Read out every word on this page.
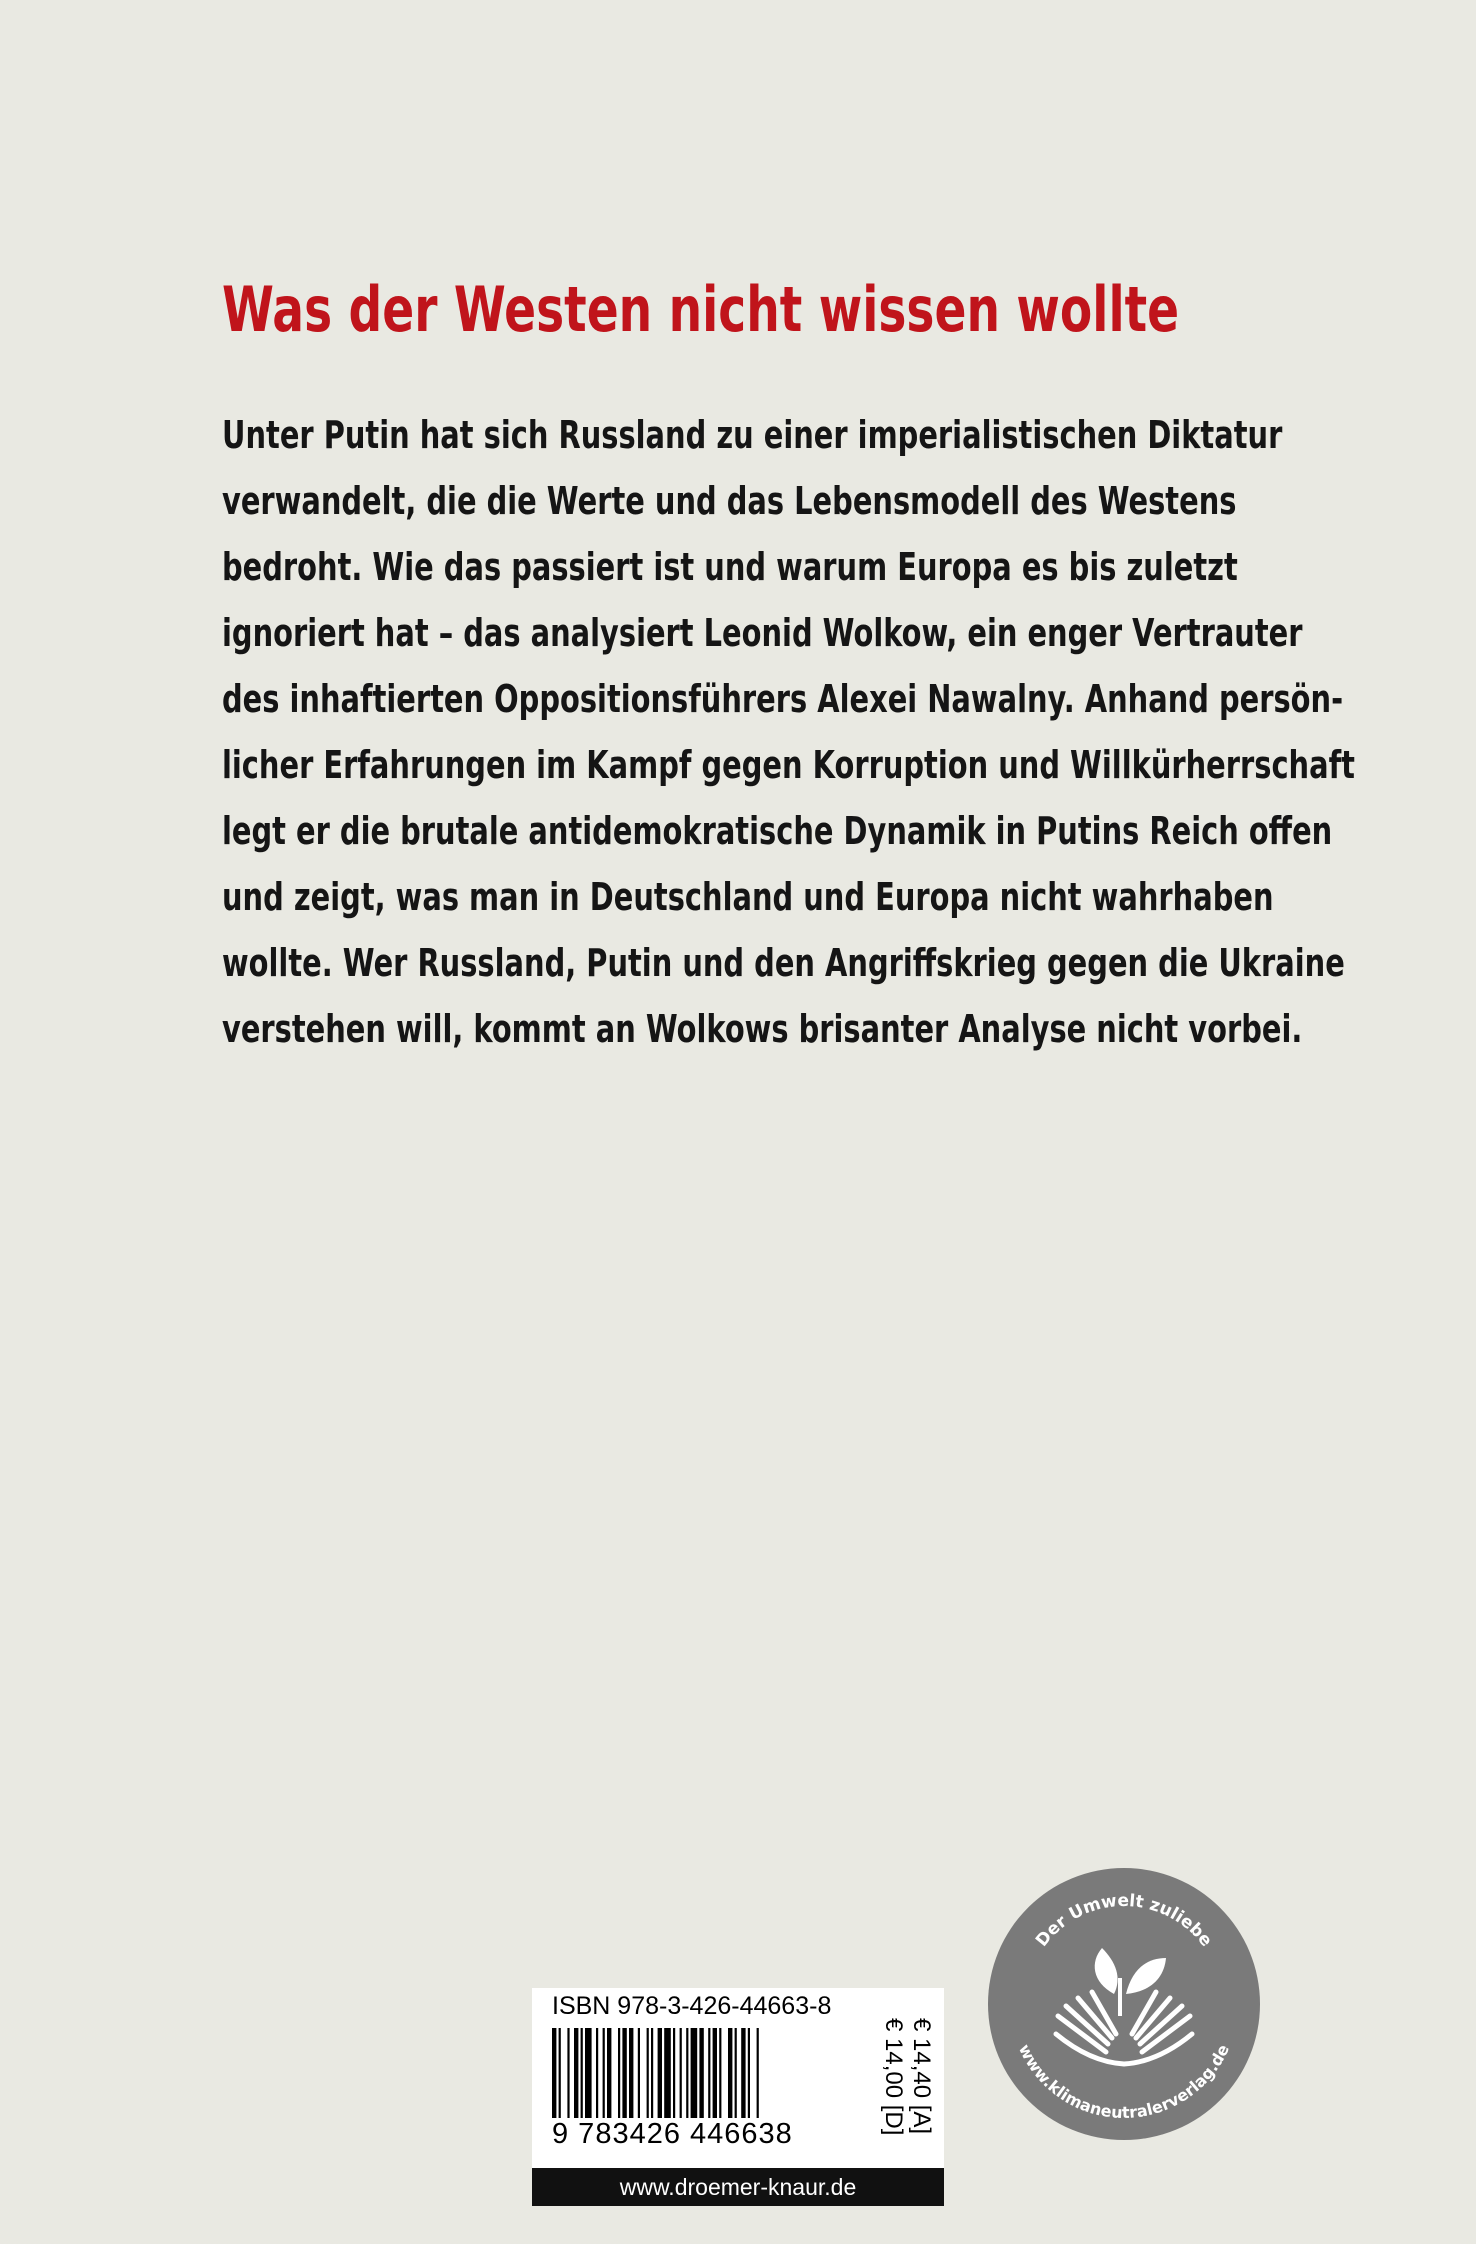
Was der Westen nicht wissen wollte
Unter Putin hat sich Russland zu einer imperialistischen Diktatur
verwandelt, die die Werte und das Lebensmodell des Westens
bedroht. Wie das passiert ist und warum Europa es bis zuletzt
ignoriert hat – das analysiert Leonid Wolkow, ein enger Vertrauter
des inhaftierten Oppositionsführers Alexei Nawalny. Anhand persön-
licher Erfahrungen im Kampf gegen Korruption und Willkürherrschaft
legt er die brutale antidemokratische Dynamik in Putins Reich offen
und zeigt, was man in Deutschland und Europa nicht wahrhaben
wollte. Wer Russland, Putin und den Angriffskrieg gegen die Ukraine
verstehen will, kommt an Wolkows brisanter Analyse nicht vorbei.
ISBN 978-3-426-44663-8
9 783426 446638	€ 14,00 [D] € 14,40 [A]
www.droemer-knaur.de
Der Umwelt zuliebe
www.klimaneutralerverlag.de
